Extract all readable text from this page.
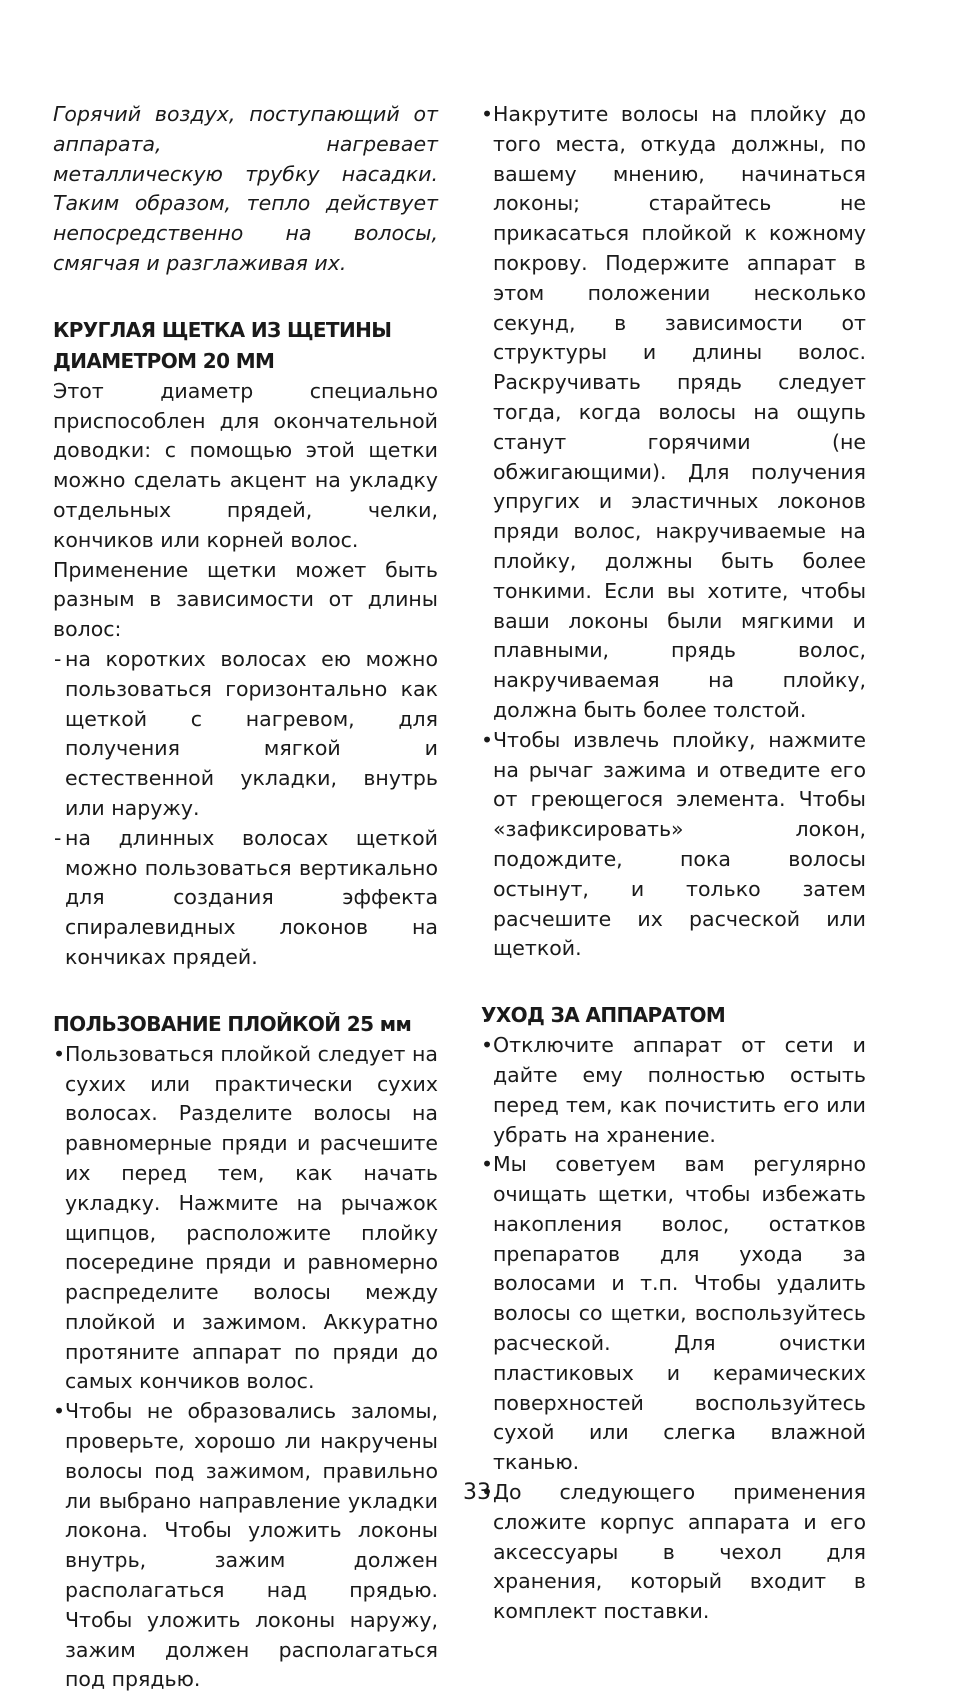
Горячий воздух, поступающий от аппарата, нагревает металлическую трубку насадки. Таким образом, тепло действует непосредственно на волосы, смягчая и разглаживая их.

КРУГЛАЯ ЩЕТКА ИЗ ЩЕТИНЫ ДИАМЕТРОМ 20 ММ

Этот диаметр специально приспособлен для окончательной доводки: с помощью этой щетки можно сделать акцент на укладку отдельных прядей, челки, кончиков или корней волос.

Применение щетки может быть разным в зависимости от длины волос:

- на коротких волосах ею можно пользоваться горизонтально как щеткой с нагревом, для получения мягкой и естественной укладки, внутрь или наружу.
- на длинных волосах щеткой можно пользоваться вертикально для создания эффекта спиралевидных локонов на кончиках прядей.
ПОЛЬЗОВАНИЕ ПЛОЙКОЙ 25 мм
• Пользоваться плойкой следует на сухих или практически сухих волосах. Разделите волосы на равномерные пряди и расчешите их перед тем, как начать укладку. Нажмите на рычажок щипцов, расположите плойку посередине пряди и равномерно распределите волосы между плойкой и зажимом. Аккуратно протяните аппарат по пряди до самых кончиков волос.
• Чтобы не образовались заломы, проверьте, хорошо ли накручены волосы под зажимом, правильно ли выбрано направление укладки локона. Чтобы уложить локоны внутрь, зажим должен располагаться над прядью. Чтобы уложить локоны наружу, зажим должен располагаться под прядью.
• Накрутите волосы на плойку до того места, откуда должны, по вашему мнению, начинаться локоны; старайтесь не прикасаться плойкой к кожному покрову. Подержите аппарат в этом положении несколько секунд, в зависимости от структуры и длины волос. Раскручивать прядь следует тогда, когда волосы на ощупь станут горячими (не обжигающими). Для получения упругих и эластичных локонов пряди волос, накручиваемые на плойку, должны быть более тонкими. Если вы хотите, чтобы ваши локоны были мягкими и плавными, прядь волос, накручиваемая на плойку, должна быть более толстой.
• Чтобы извлечь плойку, нажмите на рычаг зажима и отведите его от греющегося элемента. Чтобы «зафиксировать» локон, подождите, пока волосы остынут, и только затем расчешите их расческой или щеткой.
УХОД ЗА АППАРАТОМ
• Отключите аппарат от сети и дайте ему полностью остыть перед тем, как почистить его или убрать на хранение.
• Мы советуем вам регулярно очищать щетки, чтобы избежать накопления волос, остатков препаратов для ухода за волосами и т.п. Чтобы удалить волосы со щетки, воспользуйтесь расческой. Для очистки пластиковых и керамических поверхностей воспользуйтесь сухой или слегка влажной тканью.
• До следующего применения сложите корпус аппарата и его аксессуары в чехол для хранения, который входит в комплект поставки.
33
